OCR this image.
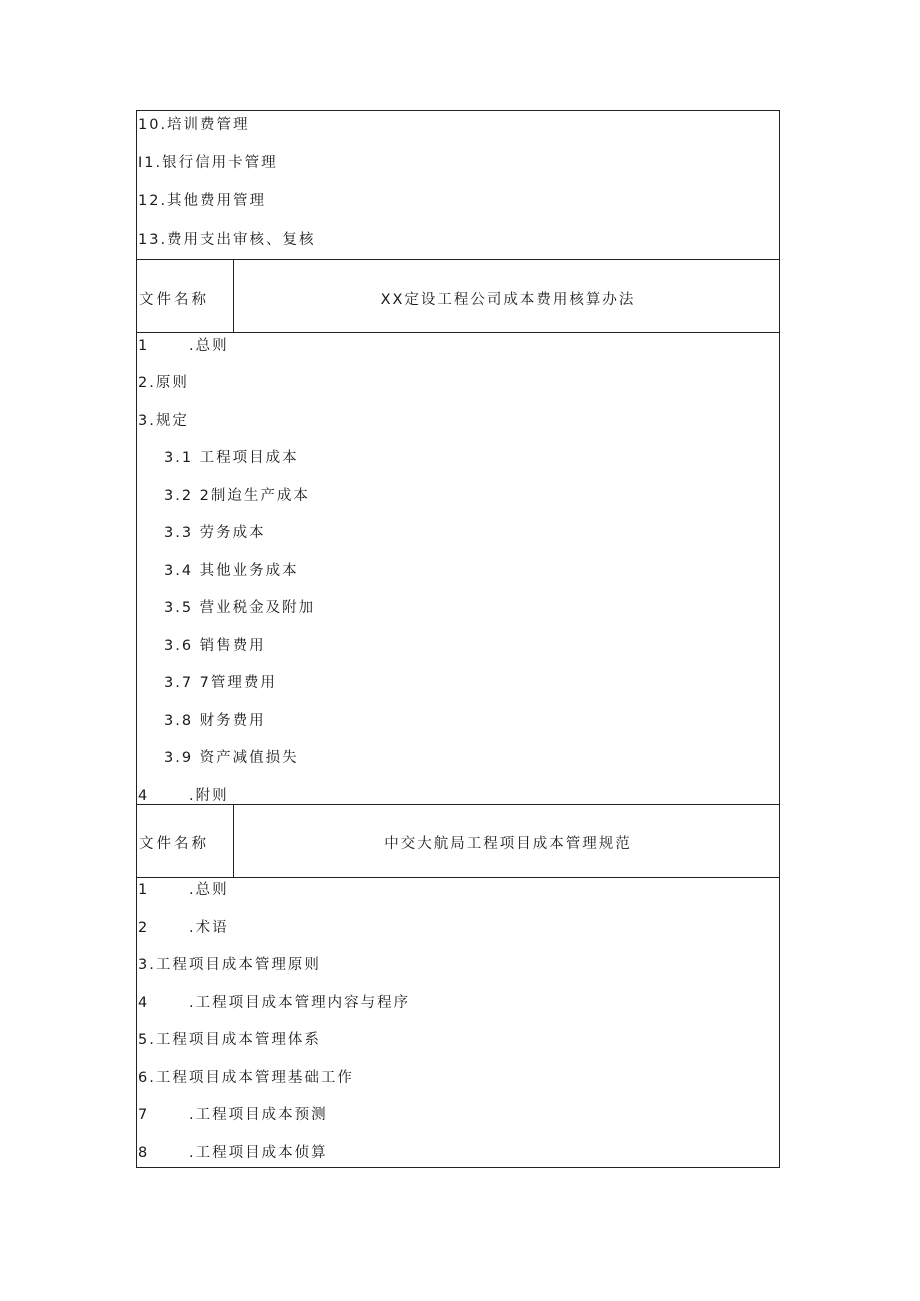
10.培训费管理
I1.银行信用卡管理
12.其他费用管理
13.费用支出审核、复核
文件名称	XX定设工程公司成本费用核算办法
1	.总则
2.原则
3.规定
3.1 工程项目成本
3.2 2制迨生产成本
3.3 劳务成本
3.4 其他业务成本
3.5 营业税金及附加
3.6 销售费用
3.7 7管理费用
3.8 财务费用
3.9 资产减值损失
4	.附则
文件名称	中交大航局工程项目成本管理规范
1	.总则
2	.术语
3.工程项目成本管理原则
4	.工程项目成本管理内容与程序
5.工程项目成本管理体系
6.工程项目成本管理基础工作
7	.工程项目成本预测
8	.工程项目成本侦算
